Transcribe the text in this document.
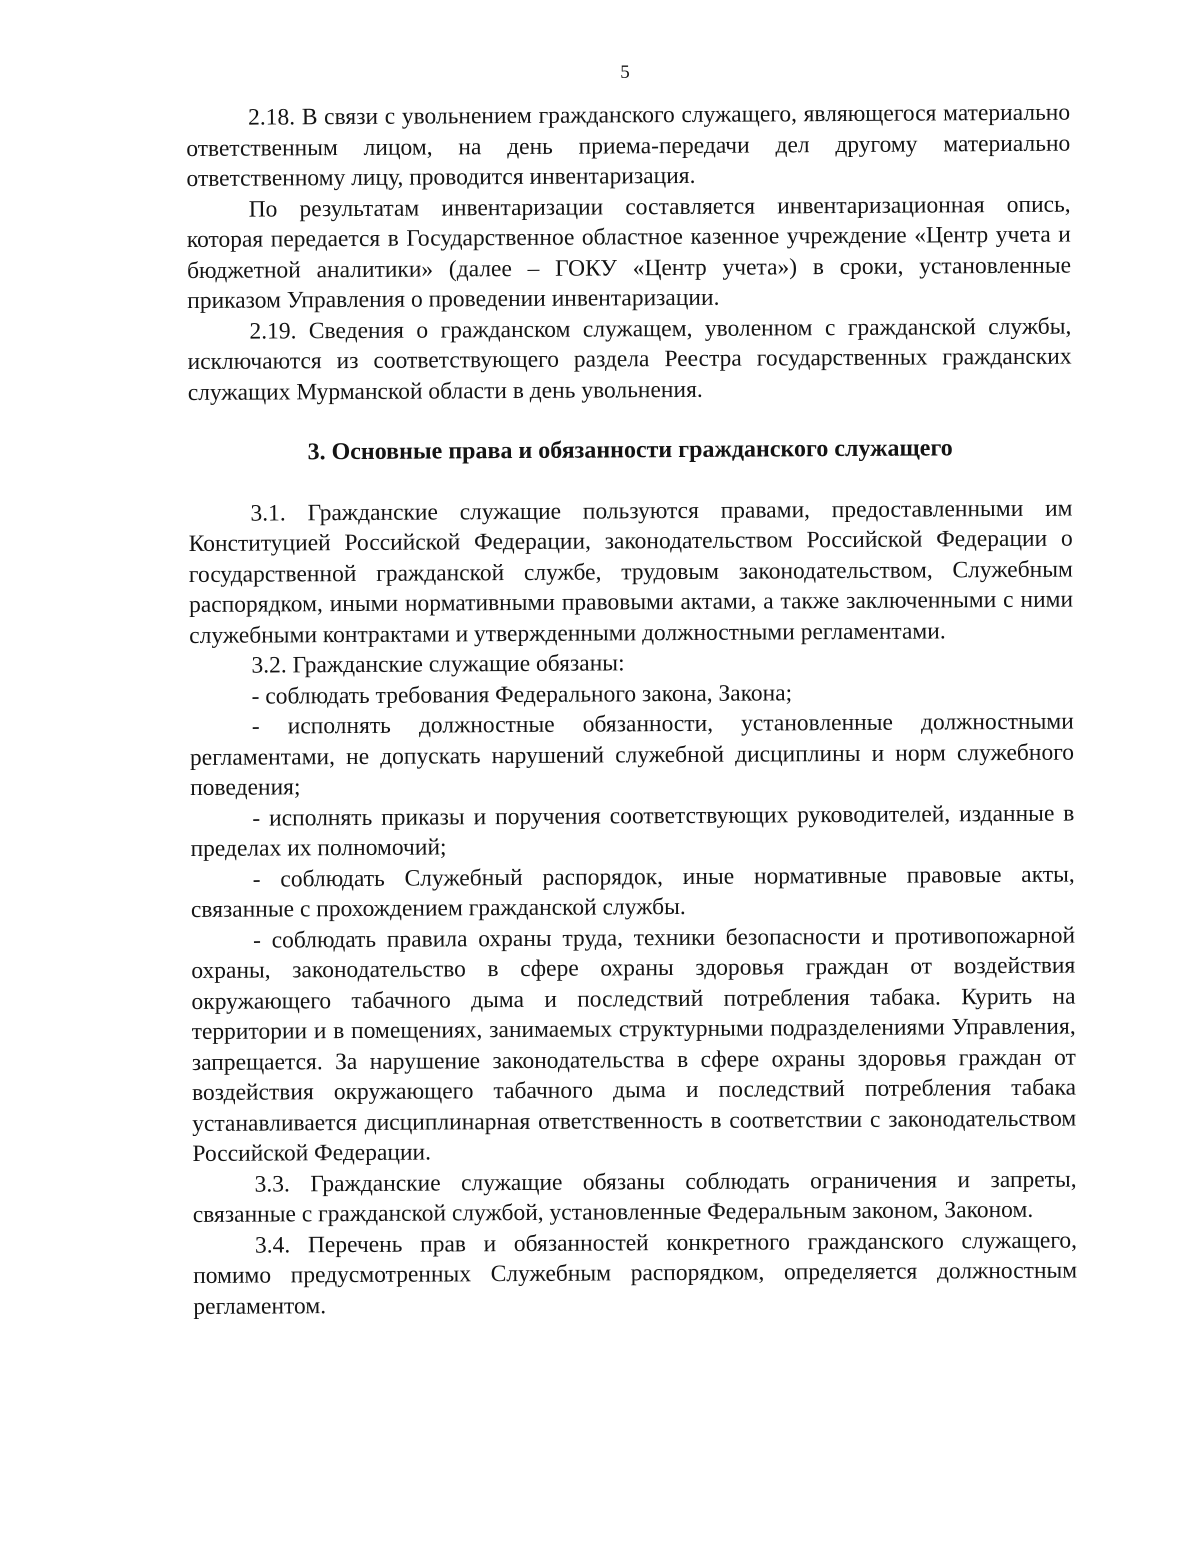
5

2.18. В связи с увольнением гражданского служащего, являющегося материально ответственным лицом, на день приема-передачи дел другому материально ответственному лицу, проводится инвентаризация.

По результатам инвентаризации составляется инвентаризационная опись, которая передается в Государственное областное казенное учреждение «Центр учета и бюджетной аналитики» (далее – ГОКУ «Центр учета») в сроки, установленные приказом Управления о проведении инвентаризации.

2.19. Сведения о гражданском служащем, уволенном с гражданской службы, исключаются из соответствующего раздела Реестра государственных гражданских служащих Мурманской области в день увольнения.

3. Основные права и обязанности гражданского служащего

3.1. Гражданские служащие пользуются правами, предоставленными им Конституцией Российской Федерации, законодательством Российской Федерации о государственной гражданской службе, трудовым законодательством, Служебным распорядком, иными нормативными правовыми актами, а также заключенными с ними служебными контрактами и утвержденными должностными регламентами.

3.2. Гражданские служащие обязаны:

- соблюдать требования Федерального закона, Закона;

- исполнять должностные обязанности, установленные должностными регламентами, не допускать нарушений служебной дисциплины и норм служебного поведения;

- исполнять приказы и поручения соответствующих руководителей, изданные в пределах их полномочий;

- соблюдать Служебный распорядок, иные нормативные правовые акты, связанные с прохождением гражданской службы.

- соблюдать правила охраны труда, техники безопасности и противопожарной охраны, законодательство в сфере охраны здоровья граждан от воздействия окружающего табачного дыма и последствий потребления табака. Курить на территории и в помещениях, занимаемых структурными подразделениями Управления, запрещается. За нарушение законодательства в сфере охраны здоровья граждан от воздействия окружающего табачного дыма и последствий потребления табака устанавливается дисциплинарная ответственность в соответствии с законодательством Российской Федерации.

3.3. Гражданские служащие обязаны соблюдать ограничения и запреты, связанные с гражданской службой, установленные Федеральным законом, Законом.

3.4. Перечень прав и обязанностей конкретного гражданского служащего, помимо предусмотренных Служебным распорядком, определяется должностным регламентом.
